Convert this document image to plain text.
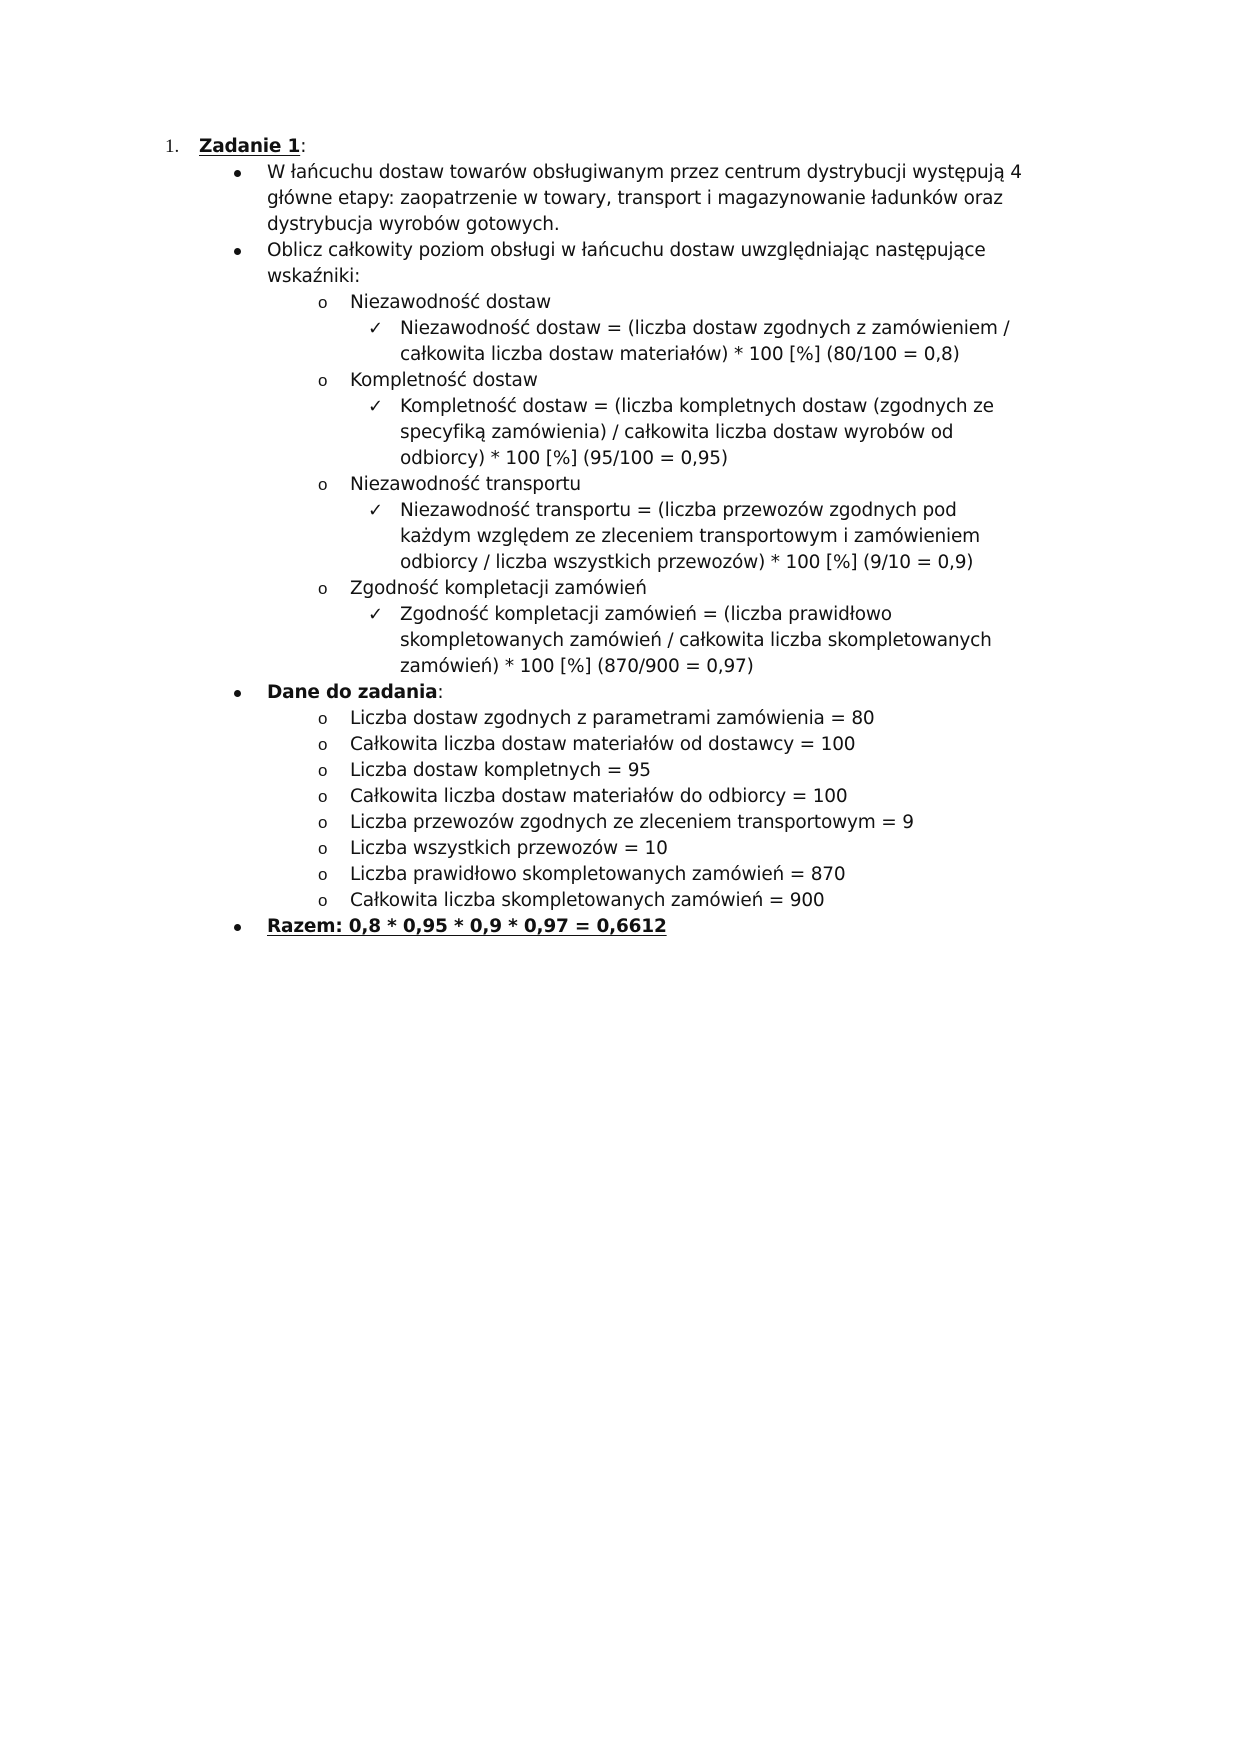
1. Zadanie 1:
W łańcuchu dostaw towarów obsługiwanym przez centrum dystrybucji występują 4
główne etapy: zaopatrzenie w towary, transport i magazynowanie ładunków oraz
dystrybucja wyrobów gotowych.
Oblicz całkowity poziom obsługi w łańcuchu dostaw uwzględniając następujące
wskaźniki:
o Niezawodność dostaw
✓ Niezawodność dostaw = (liczba dostaw zgodnych z zamówieniem /
całkowita liczba dostaw materiałów) * 100 [%] (80/100 = 0,8)
o Kompletność dostaw
✓ Kompletność dostaw = (liczba kompletnych dostaw (zgodnych ze
specyfiką zamówienia) / całkowita liczba dostaw wyrobów od
odbiorcy) * 100 [%] (95/100 = 0,95)
o Niezawodność transportu
✓ Niezawodność transportu = (liczba przewozów zgodnych pod
każdym względem ze zleceniem transportowym i zamówieniem
odbiorcy / liczba wszystkich przewozów) * 100 [%] (9/10 = 0,9)
o Zgodność kompletacji zamówień
✓ Zgodność kompletacji zamówień = (liczba prawidłowo
skompletowanych zamówień / całkowita liczba skompletowanych
zamówień) * 100 [%] (870/900 = 0,97)
Dane do zadania:
o Liczba dostaw zgodnych z parametrami zamówienia = 80
o Całkowita liczba dostaw materiałów od dostawcy = 100
o Liczba dostaw kompletnych = 95
o Całkowita liczba dostaw materiałów do odbiorcy = 100
o Liczba przewozów zgodnych ze zleceniem transportowym = 9
o Liczba wszystkich przewozów = 10
o Liczba prawidłowo skompletowanych zamówień = 870
o Całkowita liczba skompletowanych zamówień = 900
Razem: 0,8 * 0,95 * 0,9 * 0,97 = 0,6612
